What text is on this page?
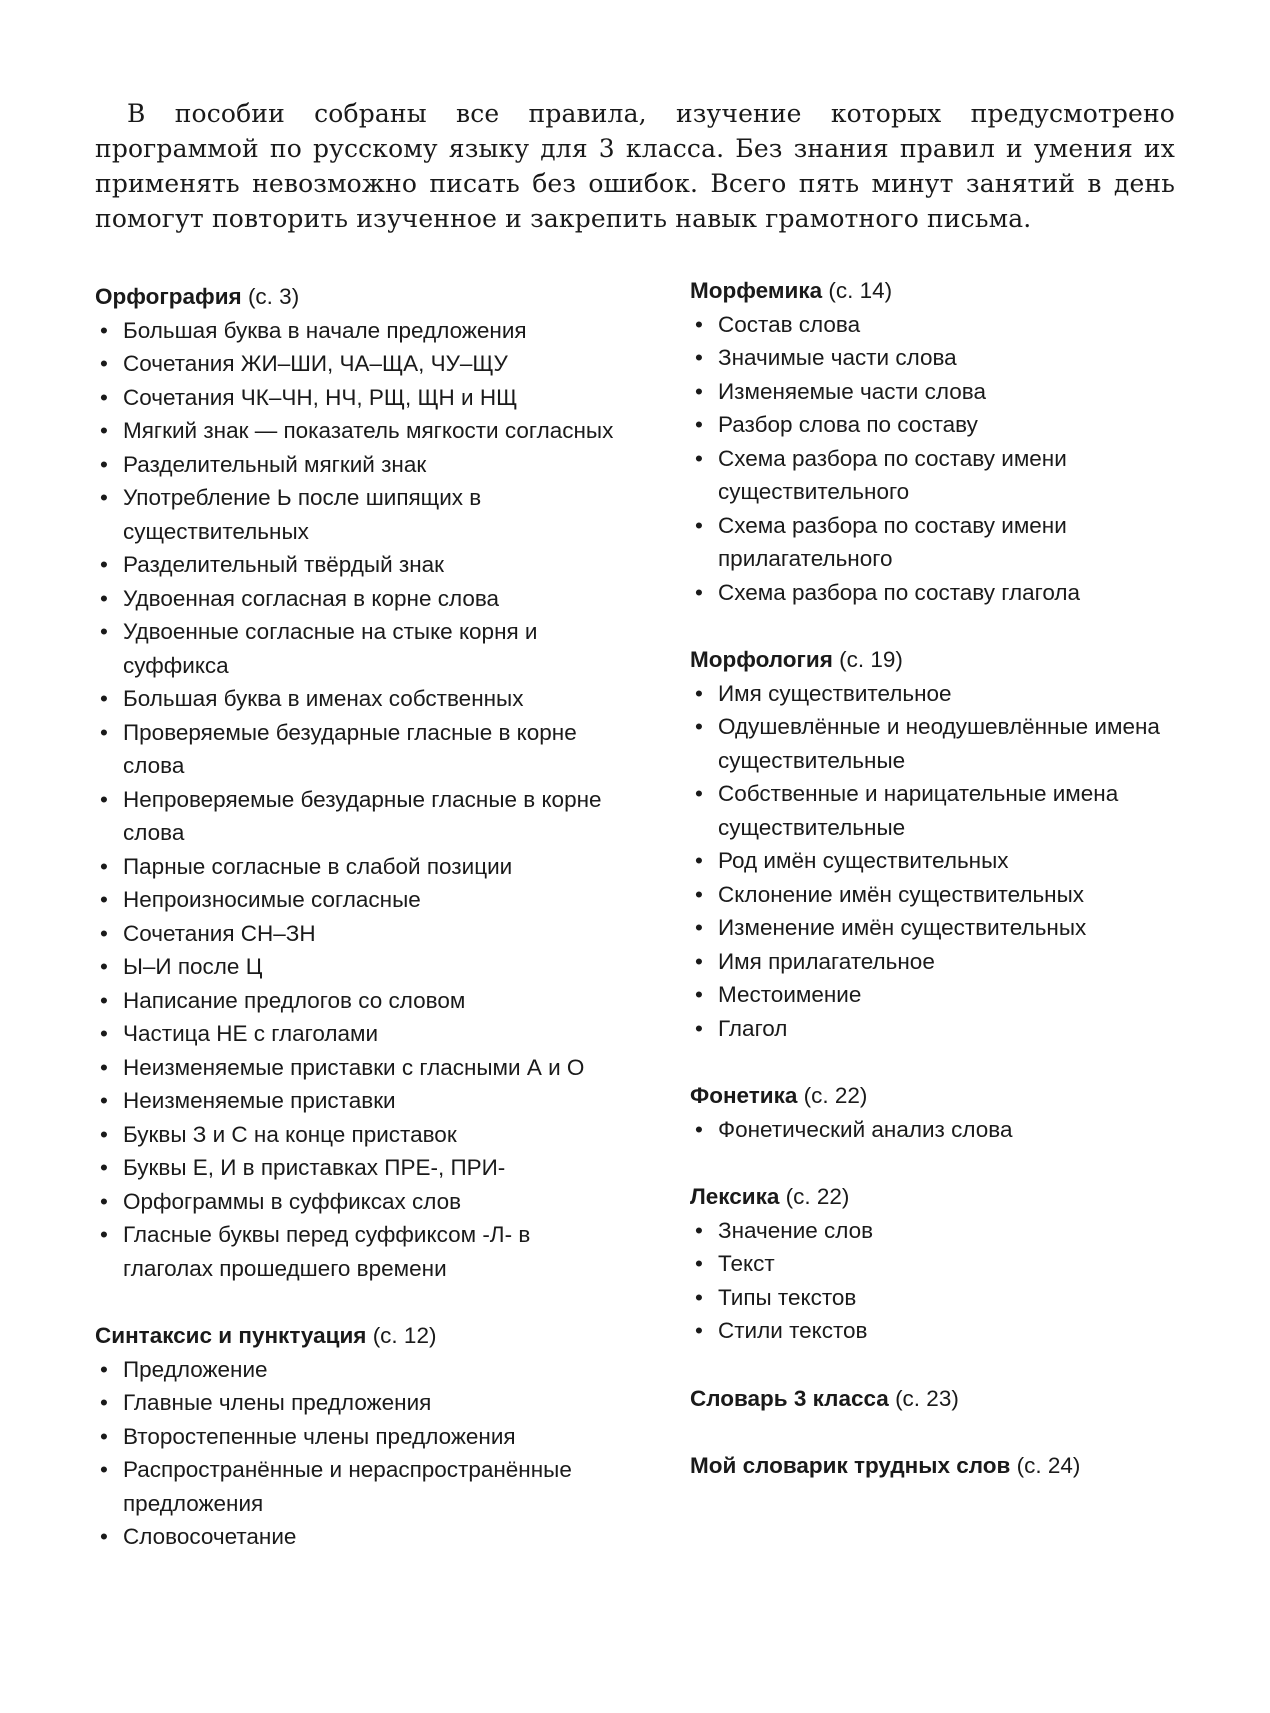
В пособии собраны все правила, изучение которых предусмотрено программой по русскому языку для 3 класса. Без знания правил и умения их применять невозможно писать без ошибок. Всего пять минут занятий в день помогут повторить изученное и закрепить навык грамотного письма.

Орфография (с. 3)
• Большая буква в начале предложения
• Сочетания ЖИ–ШИ, ЧА–ЩА, ЧУ–ЩУ
• Сочетания ЧК–ЧН, НЧ, РЩ, ЩН и НЩ
• Мягкий знак — показатель мягкости согласных
• Разделительный мягкий знак
• Употребление Ь после шипящих в существительных
• Разделительный твёрдый знак
• Удвоенная согласная в корне слова
• Удвоенные согласные на стыке корня и суффикса
• Большая буква в именах собственных
• Проверяемые безударные гласные в корне слова
• Непроверяемые безударные гласные в корне слова
• Парные согласные в слабой позиции
• Непроизносимые согласные
• Сочетания СН–ЗН
• Ы–И после Ц
• Написание предлогов со словом
• Частица НЕ с глаголами
• Неизменяемые приставки с гласными А и О
• Неизменяемые приставки
• Буквы З и С на конце приставок
• Буквы Е, И в приставках ПРЕ-, ПРИ-
• Орфограммы в суффиксах слов
• Гласные буквы перед суффиксом -Л- в глаголах прошедшего времени
Синтаксис и пунктуация (с. 12)
• Предложение
• Главные члены предложения
• Второстепенные члены предложения
• Распространённые и нераспространённые предложения
• Словосочетание
Морфемика (с. 14)
• Состав слова
• Значимые части слова
• Изменяемые части слова
• Разбор слова по составу
• Схема разбора по составу имени существительного
• Схема разбора по составу имени прилагательного
• Схема разбора по составу глагола
Морфология (с. 19)
• Имя существительное
• Одушевлённые и неодушевлённые имена существительные
• Собственные и нарицательные имена существительные
• Род имён существительных
• Склонение имён существительных
• Изменение имён существительных
• Имя прилагательное
• Местоимение
• Глагол
Фонетика (с. 22)
• Фонетический анализ слова
Лексика (с. 22)
• Значение слов
• Текст
• Типы текстов
• Стили текстов
Словарь 3 класса (с. 23)
Мой словарик трудных слов (с. 24)
